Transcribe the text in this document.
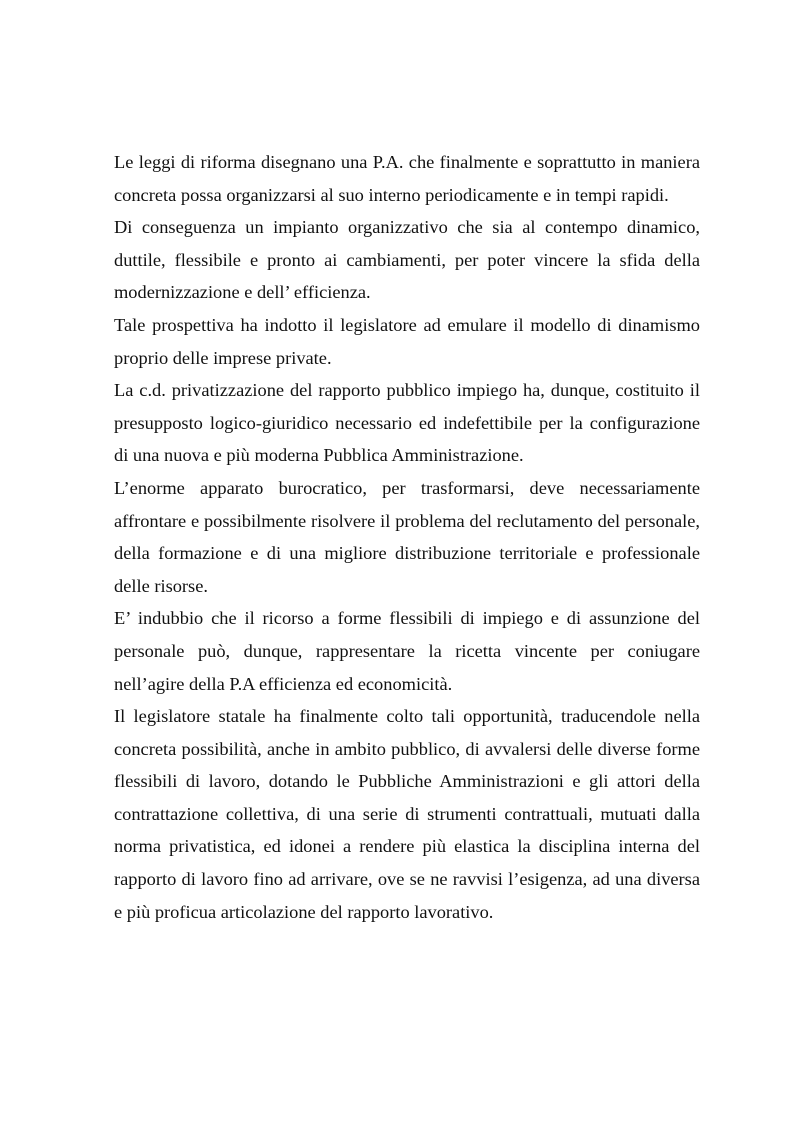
Le leggi di riforma disegnano una P.A. che finalmente e soprattutto in maniera concreta possa organizzarsi al suo interno periodicamente e in tempi rapidi.

Di conseguenza un impianto organizzativo che sia al contempo dinamico, duttile, flessibile e pronto ai cambiamenti, per poter vincere la sfida della modernizzazione e dell’ efficienza.

Tale prospettiva ha indotto il legislatore ad emulare il modello di dinamismo proprio delle imprese private.

La c.d. privatizzazione del rapporto pubblico impiego ha, dunque, costituito il presupposto logico-giuridico necessario ed indefettibile per la configurazione di una nuova e più moderna Pubblica Amministrazione.

L’enorme apparato burocratico, per trasformarsi, deve necessariamente affrontare e possibilmente risolvere il problema del reclutamento del personale, della formazione e di una migliore distribuzione territoriale e professionale delle risorse.

E’ indubbio che il ricorso a forme flessibili di impiego e di assunzione del personale può, dunque, rappresentare la ricetta vincente per coniugare nell’agire della P.A efficienza ed economicità.

Il legislatore statale ha finalmente colto tali opportunità, traducendole nella concreta possibilità, anche in ambito pubblico, di avvalersi delle diverse forme flessibili di lavoro, dotando le Pubbliche Amministrazioni e gli attori della contrattazione collettiva, di una serie di strumenti contrattuali, mutuati dalla norma privatistica, ed idonei a rendere più elastica la disciplina interna del rapporto di lavoro fino ad arrivare, ove se ne ravvisi l’esigenza, ad una diversa e più proficua articolazione del rapporto lavorativo.
